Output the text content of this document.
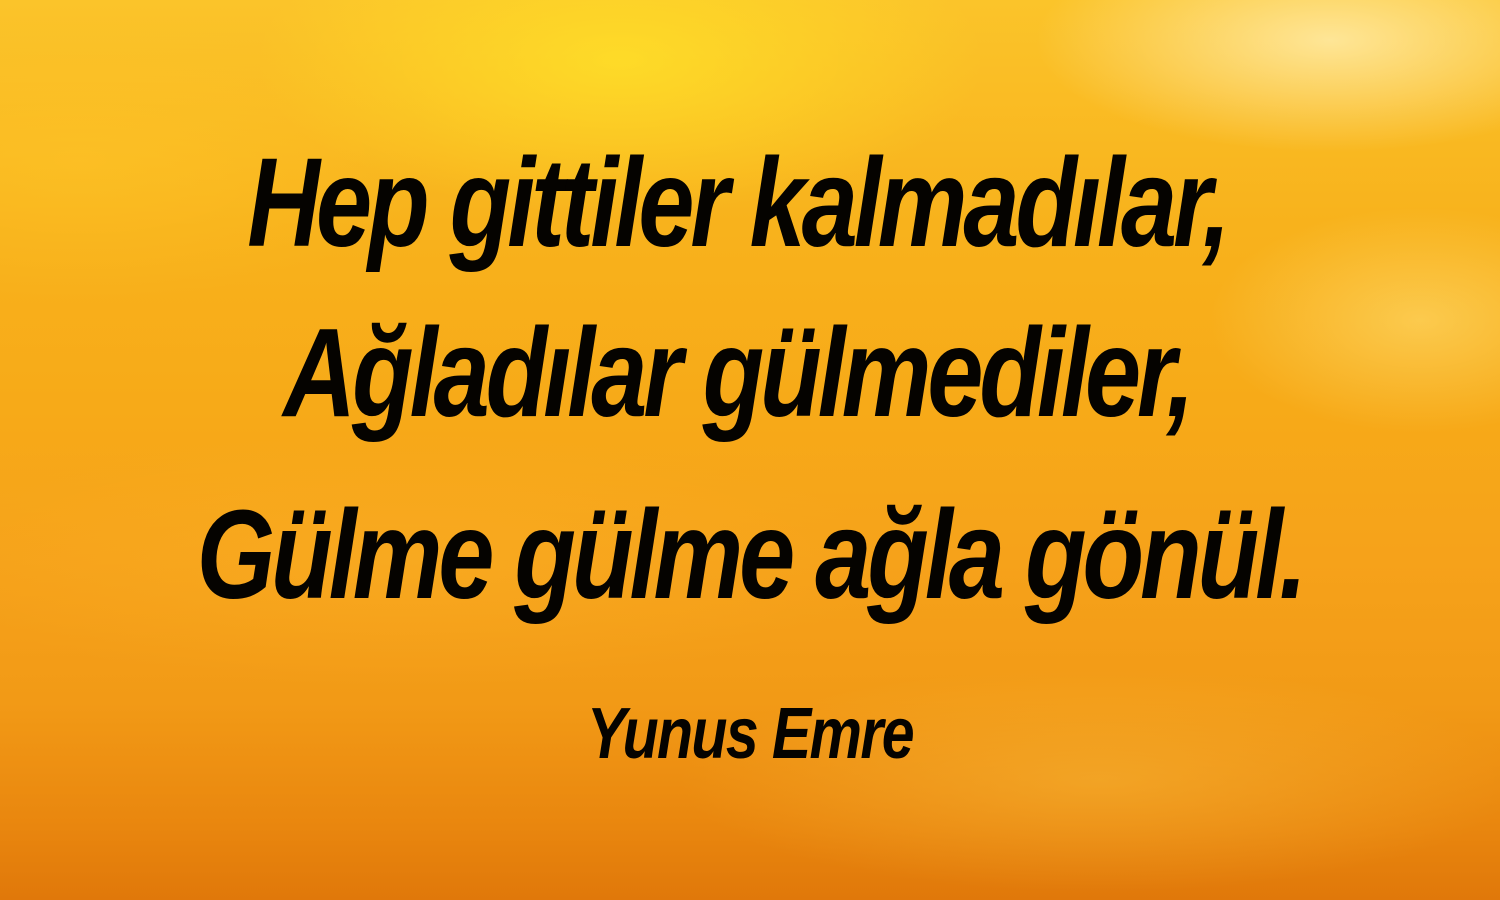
Hep gittiler kalmadılar,
Ağladılar gülmediler,
Gülme gülme ağla gönül.
Yunus Emre
